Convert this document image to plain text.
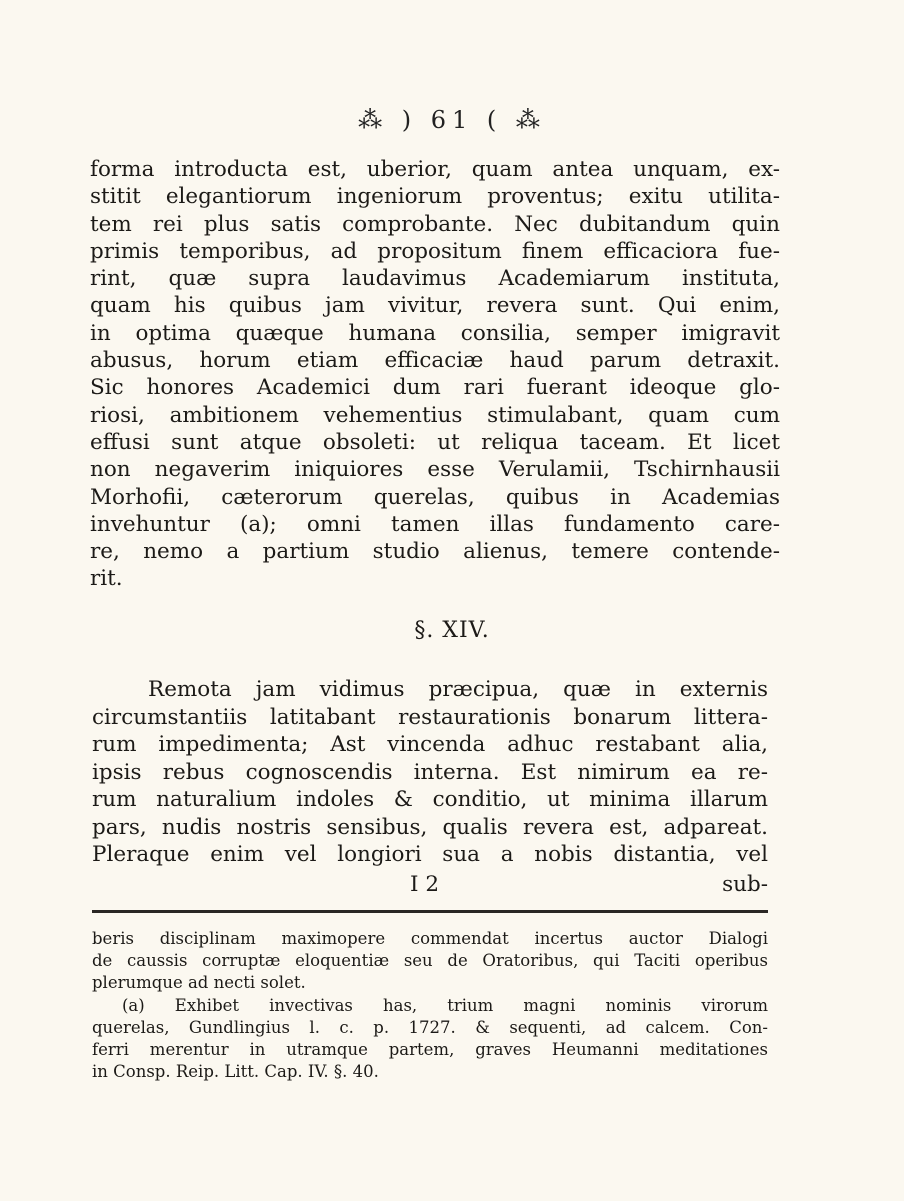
⁂ ) 61 ( ⁂
forma introducta est, uberior, quam antea unquam, ex-
stitit elegantiorum ingeniorum proventus; exitu utilita-
tem rei plus satis comprobante. Nec dubitandum quin
primis temporibus, ad propositum finem efficaciora fue-
rint, quæ supra laudavimus Academiarum instituta,
quam his quibus jam vivitur, revera sunt. Qui enim,
in optima quæque humana consilia, semper imigravit
abusus, horum etiam efficaciæ haud parum detraxit.
Sic honores Academici dum rari fuerant ideoque glo-
riosi, ambitionem vehementius stimulabant, quam cum
effusi sunt atque obsoleti: ut reliqua taceam. Et licet
non negaverim iniquiores esse Verulamii, Tschirnhausii
Morhofii, cæterorum querelas, quibus in Academias
invehuntur (a); omni tamen illas fundamento care-
re, nemo a partium studio alienus, temere contende-
rit.
§. XIV.
Remota jam vidimus præcipua, quæ in externis
circumstantiis latitabant restaurationis bonarum littera-
rum impedimenta; Ast vincenda adhuc restabant alia,
ipsis rebus cognoscendis interna. Est nimirum ea re-
rum naturalium indoles & conditio, ut minima illarum
pars, nudis nostris sensibus, qualis revera est, adpareat.
Pleraque enim vel longiori sua a nobis distantia, vel
I 2	sub-
beris disciplinam maximopere commendat incertus auctor Dialogi
de caussis corruptæ eloquentiæ seu de Oratoribus, qui Taciti operibus
plerumque ad necti solet.
(a) Exhibet invectivas has, trium magni nominis virorum
querelas, Gundlingius l. c. p. 1727. & sequenti, ad calcem. Con-
ferri merentur in utramque partem, graves Heumanni meditationes
in Consp. Reip. Litt. Cap. IV. §. 40.
